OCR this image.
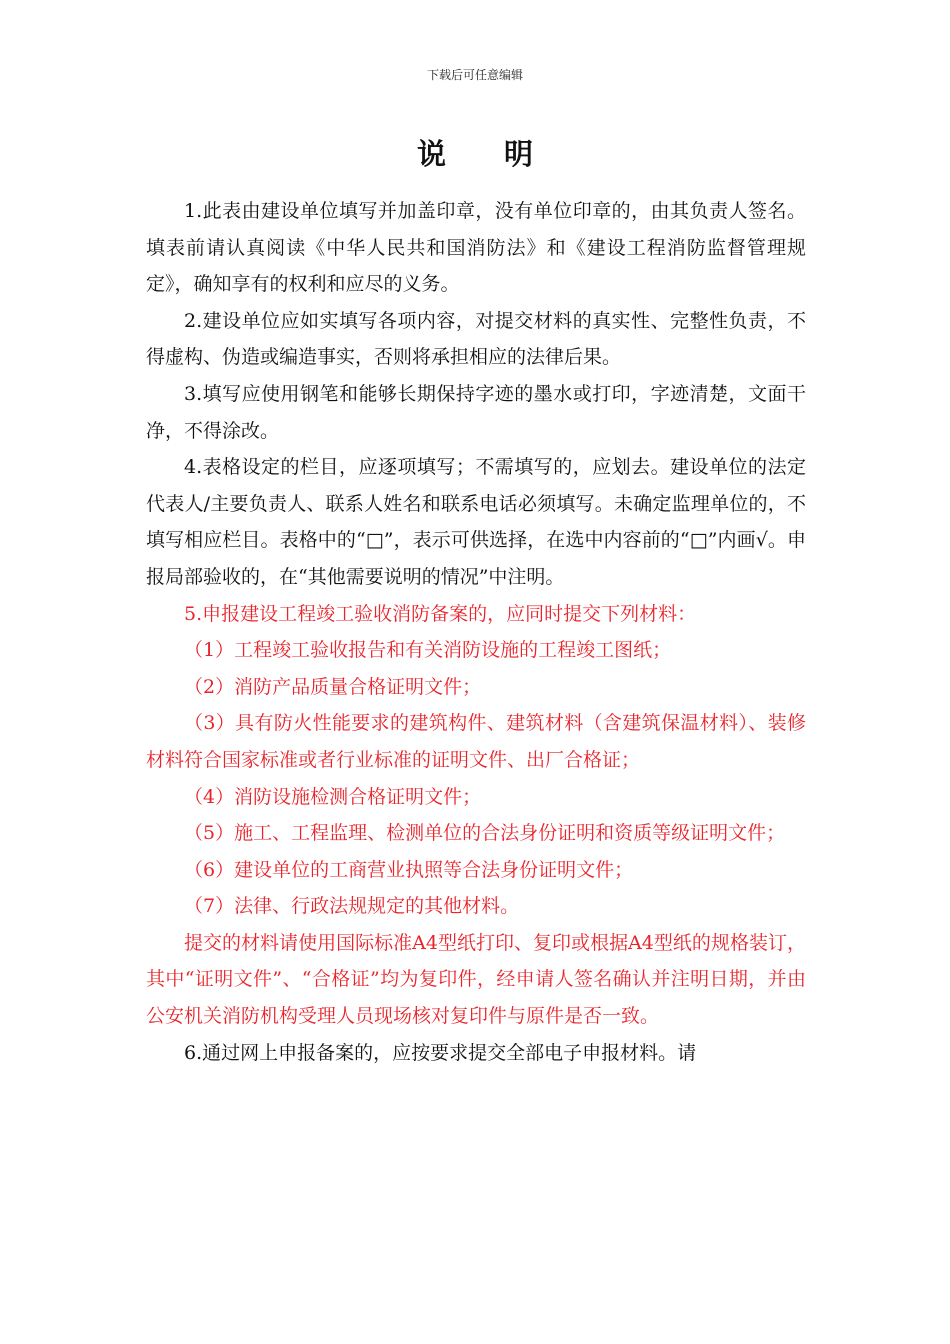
下载后可任意编辑
说 明

1.此表由建设单位填写并加盖印章，没有单位印章的，由其负责人签名。填表前请认真阅读《中华人民共和国消防法》和《建设工程消防监督管理规定》，确知享有的权利和应尽的义务。

2.建设单位应如实填写各项内容，对提交材料的真实性、完整性负责，不得虚构、伪造或编造事实，否则将承担相应的法律后果。

3.填写应使用钢笔和能够长期保持字迹的墨水或打印，字迹清楚，文面干净，不得涂改。

4.表格设定的栏目，应逐项填写；不需填写的，应划去。建设单位的法定代表人/主要负责人、联系人姓名和联系电话必须填写。未确定监理单位的，不填写相应栏目。表格中的“□”，表示可供选择，在选中内容前的“□”内画√。申报局部验收的，在“其他需要说明的情况”中注明。

5.申报建设工程竣工验收消防备案的，应同时提交下列材料：

（1）工程竣工验收报告和有关消防设施的工程竣工图纸；

（2）消防产品质量合格证明文件；

（3）具有防火性能要求的建筑构件、建筑材料（含建筑保温材料）、装修材料符合国家标准或者行业标准的证明文件、出厂合格证；

（4）消防设施检测合格证明文件；

（5）施工、工程监理、检测单位的合法身份证明和资质等级证明文件；

（6）建设单位的工商营业执照等合法身份证明文件；

（7）法律、行政法规规定的其他材料。

提交的材料请使用国际标准A4型纸打印、复印或根据A4型纸的规格装订，其中“证明文件”、“合格证”均为复印件，经申请人签名确认并注明日期，并由公安机关消防机构受理人员现场核对复印件与原件是否一致。

6.通过网上申报备案的，应按要求提交全部电子申报材料。请
